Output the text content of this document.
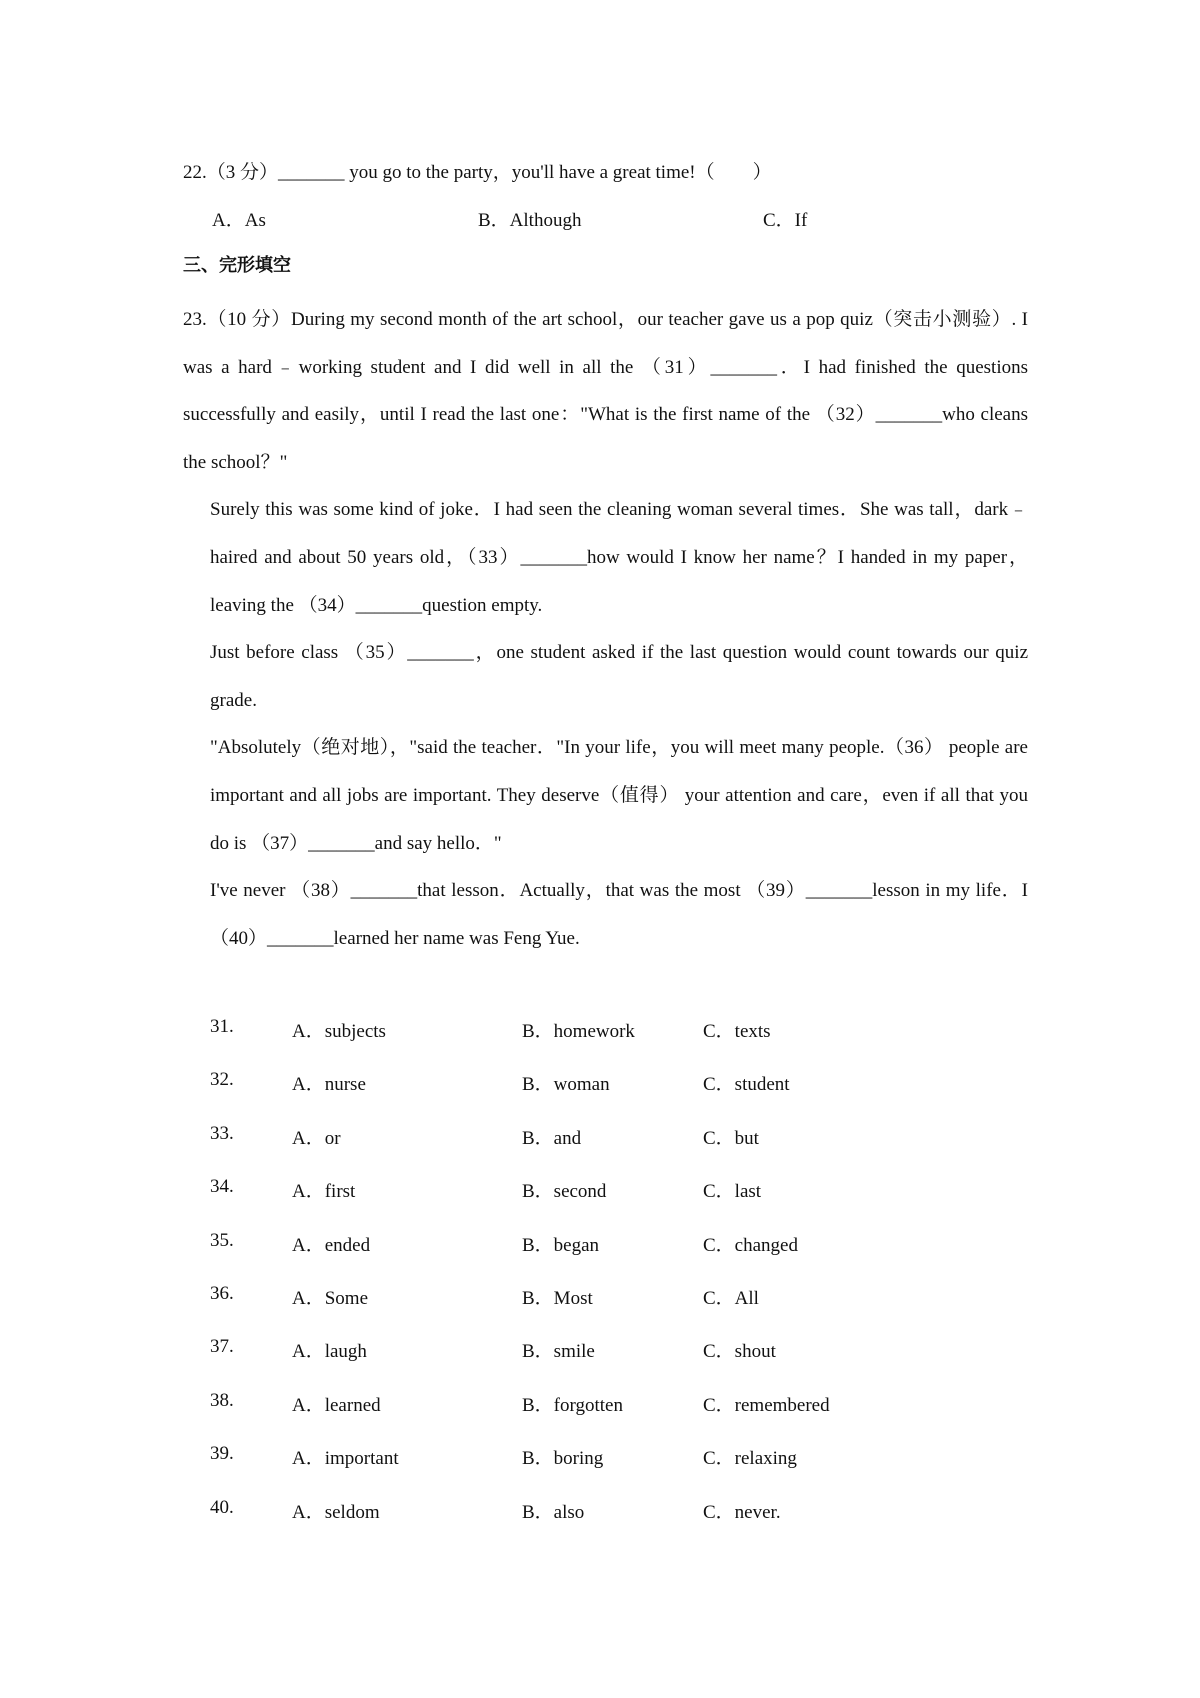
22.（3 分）_______ you go to the party，you'll have a great time!（　　）
A．As	B．Although	C．If
三、完形填空

23.（10 分）During my second month of the art school，our teacher gave us a pop quiz（突击小测验）. I was a hard﹣working student and I did well in all the （31）_______．I had finished the questions successfully and easily，until I read the last one："What is the first name of the （32）_______who cleans the school？"

Surely this was some kind of joke．I had seen the cleaning woman several times．She was tall，dark﹣haired and about 50 years old，（33）_______how would I know her name？I handed in my paper，leaving the （34）_______question empty.

Just before class （35）_______，one student asked if the last question would count towards our quiz grade.

"Absolutely（绝对地），"said the teacher．"In your life，you will meet many people.（36） people are important and all jobs are important. They deserve（值得） your attention and care，even if all that you do is （37）_______and say hello．"

I've never （38）_______that lesson．Actually，that was the most （39）_______lesson in my life．I （40）_______learned her name was Feng Yue.

31.	A．subjects	B．homework	C．texts
32.	A．nurse	B．woman	C．student
33.	A．or	B．and	C．but
34.	A．first	B．second	C．last
35.	A．ended	B．began	C．changed
36.	A．Some	B．Most	C．All
37.	A．laugh	B．smile	C．shout
38.	A．learned	B．forgotten	C．remembered
39.	A．important	B．boring	C．relaxing
40.	A．seldom	B．also	C．never.
